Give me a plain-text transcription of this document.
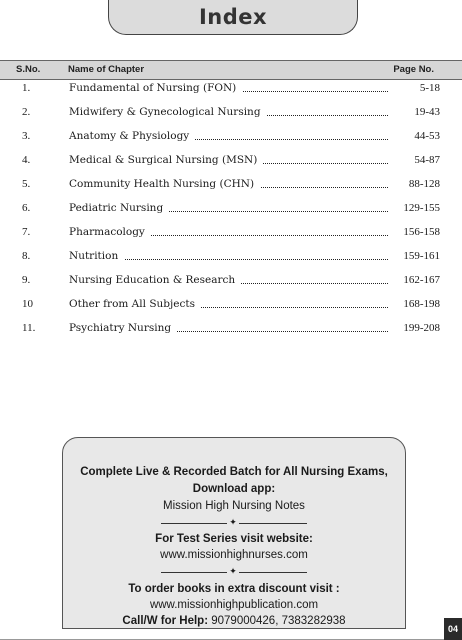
Index
S.No.	Name of Chapter	Page No.
1.	Fundamental of Nursing (FON)	5-18
2.	Midwifery & Gynecological Nursing	19-43
3.	Anatomy & Physiology	44-53
4.	Medical & Surgical Nursing (MSN)	54-87
5.	Community Health Nursing (CHN)	88-128
6.	Pediatric Nursing	129-155
7.	Pharmacology	156-158
8.	Nutrition	159-161
9.	Nursing Education & Research	162-167
10	Other from All Subjects	168-198
11.	Psychiatry Nursing	199-208
Complete Live & Recorded Batch for All Nursing Exams,
Download app:
Mission High Nursing Notes
✦
For Test Series visit website:
www.missionhighnurses.com
✦
To order books in extra discount visit :
www.missionhighpublication.com
Call/W for Help: 9079000426, 7383282938
04
